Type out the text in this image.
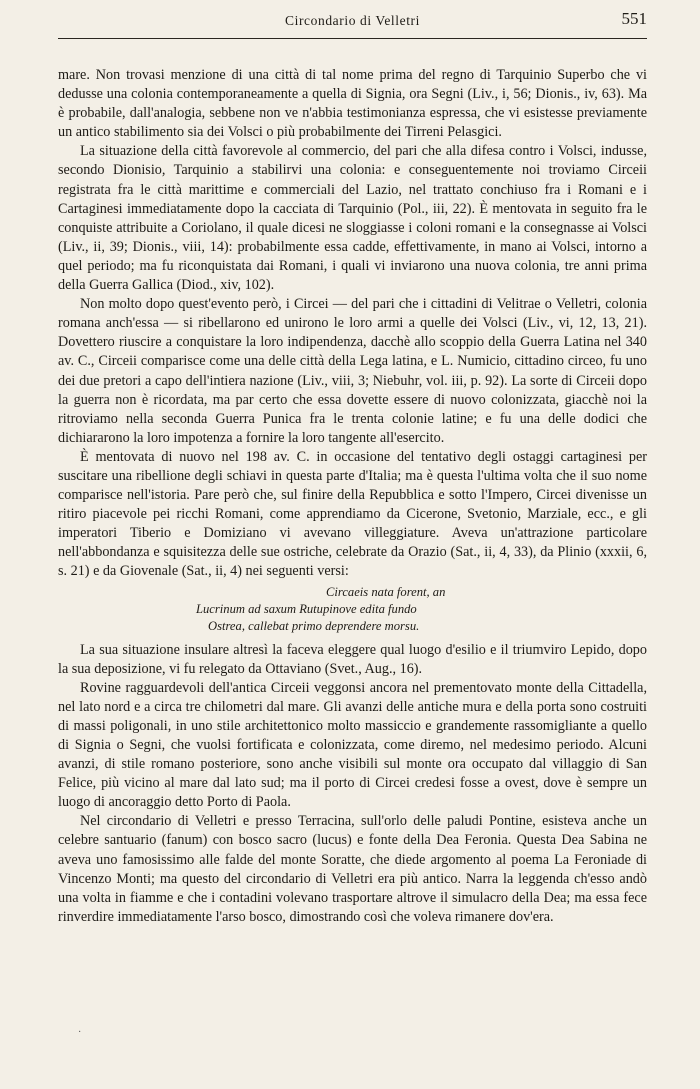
Circondario di Velletri	551

mare. Non trovasi menzione di una città di tal nome prima del regno di Tarquinio Superbo che vi dedusse una colonia contemporaneamente a quella di Signia, ora Segni (Liv., i, 56; Dionis., iv, 63). Ma è probabile, dall'analogia, sebbene non ve n'abbia testimonianza espressa, che vi esistesse previamente un antico stabilimento sia dei Volsci o più probabilmente dei Tirreni Pelasgici.

La situazione della città favorevole al commercio, del pari che alla difesa contro i Volsci, indusse, secondo Dionisio, Tarquinio a stabilirvi una colonia: e conseguentemente noi troviamo Circeii registrata fra le città marittime e commerciali del Lazio, nel trattato conchiuso fra i Romani e i Cartaginesi immediatamente dopo la cacciata di Tarquinio (Pol., iii, 22). È mentovata in seguito fra le conquiste attribuite a Coriolano, il quale dicesi ne sloggiasse i coloni romani e la consegnasse ai Volsci (Liv., ii, 39; Dionis., viii, 14): probabilmente essa cadde, effettivamente, in mano ai Volsci, intorno a quel periodo; ma fu riconquistata dai Romani, i quali vi inviarono una nuova colonia, tre anni prima della Guerra Gallica (Diod., xiv, 102).

Non molto dopo quest'evento però, i Circei — del pari che i cittadini di Velitrae o Velletri, colonia romana anch'essa — si ribellarono ed unirono le loro armi a quelle dei Volsci (Liv., vi, 12, 13, 21). Dovettero riuscire a conquistare la loro indipendenza, dacchè allo scoppio della Guerra Latina nel 340 av. C., Circeii comparisce come una delle città della Lega latina, e L. Numicio, cittadino circeo, fu uno dei due pretori a capo dell'intiera nazione (Liv., viii, 3; Niebuhr, vol. iii, p. 92). La sorte di Circeii dopo la guerra non è ricordata, ma par certo che essa dovette essere di nuovo colonizzata, giacchè noi la ritroviamo nella seconda Guerra Punica fra le trenta colonie latine; e fu una delle dodici che dichiararono la loro impotenza a fornire la loro tangente all'esercito.

È mentovata di nuovo nel 198 av. C. in occasione del tentativo degli ostaggi cartaginesi per suscitare una ribellione degli schiavi in questa parte d'Italia; ma è questa l'ultima volta che il suo nome comparisce nell'istoria. Pare però che, sul finire della Repubblica e sotto l'Impero, Circei divenisse un ritiro piacevole pei ricchi Romani, come apprendiamo da Cicerone, Svetonio, Marziale, ecc., e gli imperatori Tiberio e Domiziano vi avevano villeggiature. Aveva un'attrazione particolare nell'abbondanza e squisitezza delle sue ostriche, celebrate da Orazio (Sat., ii, 4, 33), da Plinio (xxxii, 6, s. 21) e da Giovenale (Sat., ii, 4) nei seguenti versi:

Circaeis nata forent, an
Lucrinum ad saxum Rutupinove edita fundo
Ostrea, callebat primo deprendere morsu.

La sua situazione insulare altresì la faceva eleggere qual luogo d'esilio e il triumviro Lepido, dopo la sua deposizione, vi fu relegato da Ottaviano (Svet., Aug., 16).

Rovine ragguardevoli dell'antica Circeii veggonsi ancora nel prementovato monte della Cittadella, nel lato nord e a circa tre chilometri dal mare. Gli avanzi delle antiche mura e della porta sono costruiti di massi poligonali, in uno stile architettonico molto massiccio e grandemente rassomigliante a quello di Signia o Segni, che vuolsi fortificata e colonizzata, come diremo, nel medesimo periodo. Alcuni avanzi, di stile romano posteriore, sono anche visibili sul monte ora occupato dal villaggio di San Felice, più vicino al mare dal lato sud; ma il porto di Circei credesi fosse a ovest, dove è sempre un luogo di ancoraggio detto Porto di Paola.

Nel circondario di Velletri e presso Terracina, sull'orlo delle paludi Pontine, esisteva anche un celebre santuario (fanum) con bosco sacro (lucus) e fonte della Dea Feronia. Questa Dea Sabina ne aveva uno famosissimo alle falde del monte Soratte, che diede argomento al poema La Feroniade di Vincenzo Monti; ma questo del circondario di Velletri era più antico. Narra la leggenda ch'esso andò una volta in fiamme e che i contadini volevano trasportare altrove il simulacro della Dea; ma essa fece rinverdire immediatamente l'arso bosco, dimostrando così che voleva rimanere dov'era.

·
